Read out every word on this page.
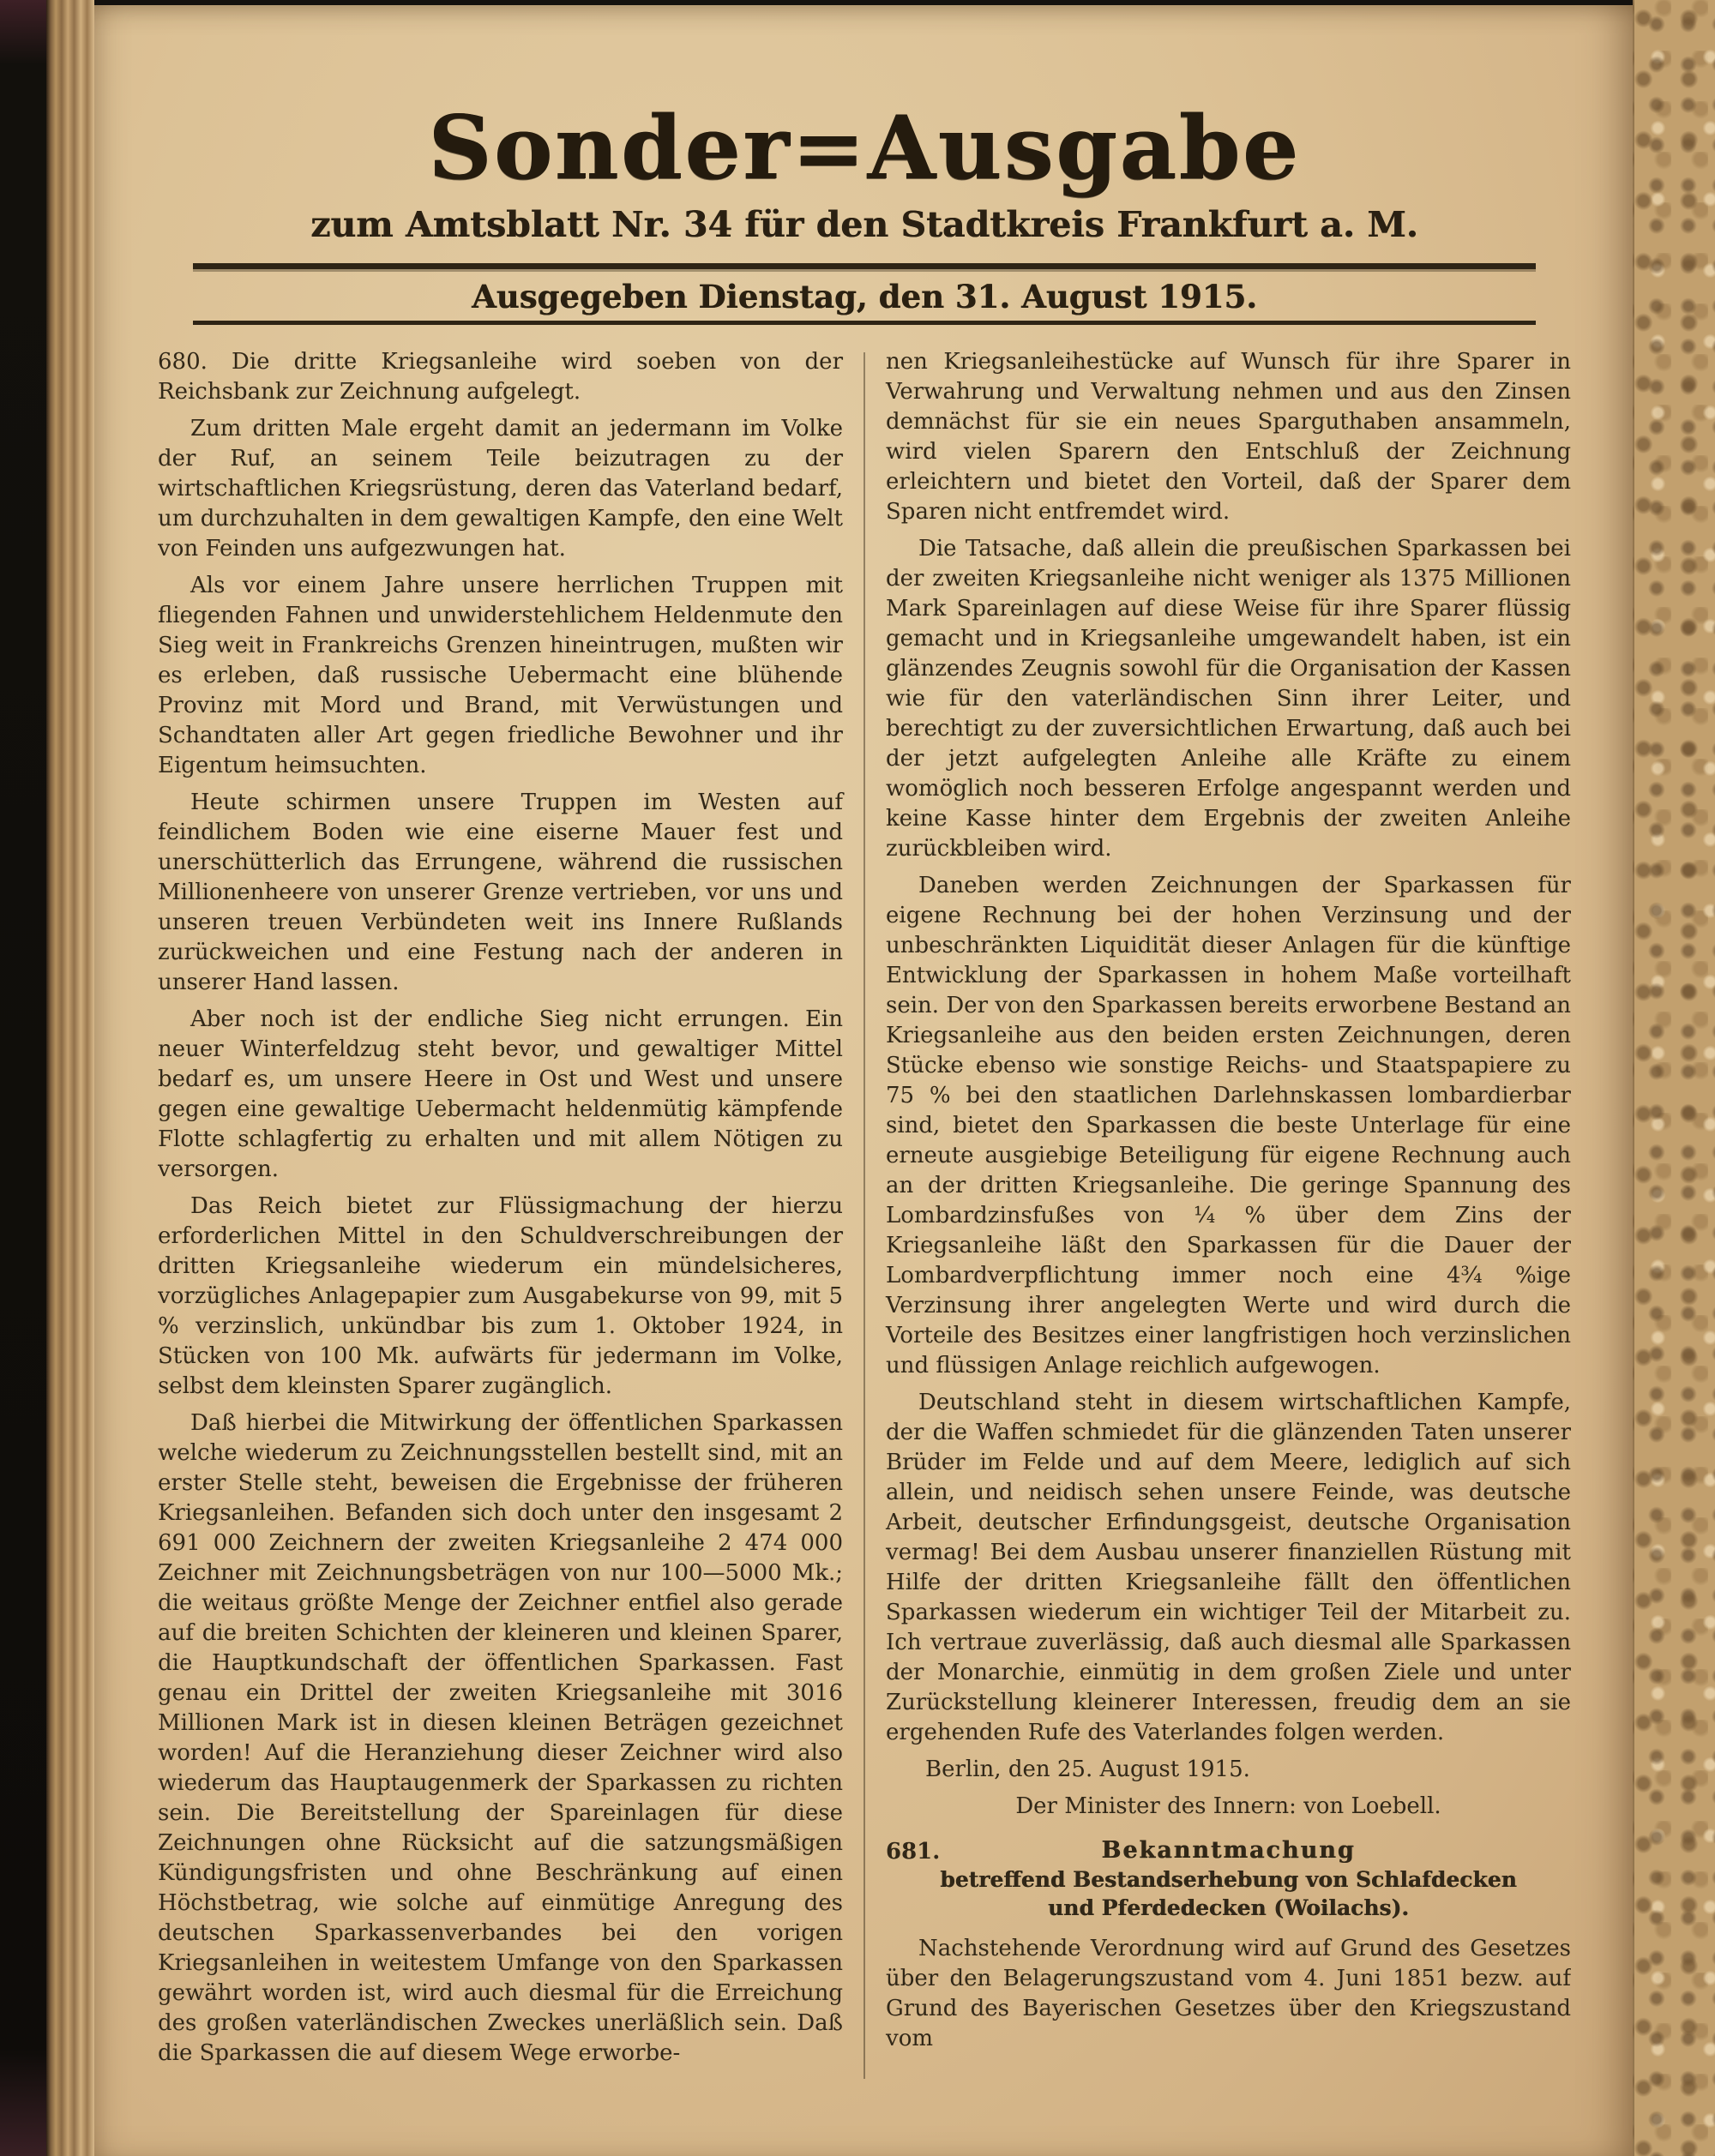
Sonder=Ausgabe
zum Amtsblatt Nr. 34 für den Stadtkreis Frankfurt a. M.
Ausgegeben Dienstag, den 31. August 1915.

680. Die dritte Kriegsanleihe wird soeben von der Reichsbank zur Zeichnung aufgelegt.

Zum dritten Male ergeht damit an jedermann im Volke der Ruf, an seinem Teile beizutragen zu der wirtschaftlichen Kriegsrüstung, deren das Vaterland bedarf, um durchzuhalten in dem gewaltigen Kampfe, den eine Welt von Feinden uns aufgezwungen hat.

Als vor einem Jahre unsere herrlichen Truppen mit fliegenden Fahnen und unwiderstehlichem Heldenmute den Sieg weit in Frankreichs Grenzen hineintrugen, mußten wir es erleben, daß russische Uebermacht eine blühende Provinz mit Mord und Brand, mit Verwüstungen und Schandtaten aller Art gegen friedliche Bewohner und ihr Eigentum heimsuchten.

Heute schirmen unsere Truppen im Westen auf feindlichem Boden wie eine eiserne Mauer fest und unerschütterlich das Errungene, während die russischen Millionenheere von unserer Grenze vertrieben, vor uns und unseren treuen Verbündeten weit ins Innere Rußlands zurückweichen und eine Festung nach der anderen in unserer Hand lassen.

Aber noch ist der endliche Sieg nicht errungen. Ein neuer Winterfeldzug steht bevor, und gewaltiger Mittel bedarf es, um unsere Heere in Ost und West und unsere gegen eine gewaltige Uebermacht heldenmütig kämpfende Flotte schlagfertig zu erhalten und mit allem Nötigen zu versorgen.

Das Reich bietet zur Flüssigmachung der hierzu erforderlichen Mittel in den Schuldverschreibungen der dritten Kriegsanleihe wiederum ein mündelsicheres, vorzügliches Anlagepapier zum Ausgabekurse von 99, mit 5 % verzinslich, unkündbar bis zum 1. Oktober 1924, in Stücken von 100 Mk. aufwärts für jedermann im Volke, selbst dem kleinsten Sparer zugänglich.

Daß hierbei die Mitwirkung der öffentlichen Sparkassen welche wiederum zu Zeichnungsstellen bestellt sind, mit an erster Stelle steht, beweisen die Ergebnisse der früheren Kriegsanleihen. Befanden sich doch unter den insgesamt 2 691 000 Zeichnern der zweiten Kriegsanleihe 2 474 000 Zeichner mit Zeichnungsbeträgen von nur 100—5000 Mk.; die weitaus größte Menge der Zeichner entfiel also gerade auf die breiten Schichten der kleineren und kleinen Sparer, die Hauptkundschaft der öffentlichen Sparkassen. Fast genau ein Drittel der zweiten Kriegsanleihe mit 3016 Millionen Mark ist in diesen kleinen Beträgen gezeichnet worden! Auf die Heranziehung dieser Zeichner wird also wiederum das Hauptaugenmerk der Sparkassen zu richten sein. Die Bereitstellung der Spareinlagen für diese Zeichnungen ohne Rücksicht auf die satzungsmäßigen Kündigungsfristen und ohne Beschränkung auf einen Höchstbetrag, wie solche auf einmütige Anregung des deutschen Sparkassenverbandes bei den vorigen Kriegsanleihen in weitestem Umfange von den Sparkassen gewährt worden ist, wird auch diesmal für die Erreichung des großen vaterländischen Zweckes unerläßlich sein. Daß die Sparkassen die auf diesem Wege erworbe-

nen Kriegsanleihestücke auf Wunsch für ihre Sparer in Verwahrung und Verwaltung nehmen und aus den Zinsen demnächst für sie ein neues Sparguthaben ansammeln, wird vielen Sparern den Entschluß der Zeichnung erleichtern und bietet den Vorteil, daß der Sparer dem Sparen nicht entfremdet wird.

Die Tatsache, daß allein die preußischen Sparkassen bei der zweiten Kriegsanleihe nicht weniger als 1375 Millionen Mark Spareinlagen auf diese Weise für ihre Sparer flüssig gemacht und in Kriegsanleihe umgewandelt haben, ist ein glänzendes Zeugnis sowohl für die Organisation der Kassen wie für den vaterländischen Sinn ihrer Leiter, und berechtigt zu der zuversichtlichen Erwartung, daß auch bei der jetzt aufgelegten Anleihe alle Kräfte zu einem womöglich noch besseren Erfolge angespannt werden und keine Kasse hinter dem Ergebnis der zweiten Anleihe zurückbleiben wird.

Daneben werden Zeichnungen der Sparkassen für eigene Rechnung bei der hohen Verzinsung und der unbeschränkten Liquidität dieser Anlagen für die künftige Entwicklung der Sparkassen in hohem Maße vorteilhaft sein. Der von den Sparkassen bereits erworbene Bestand an Kriegsanleihe aus den beiden ersten Zeichnungen, deren Stücke ebenso wie sonstige Reichs- und Staatspapiere zu 75 % bei den staatlichen Darlehnskassen lombardierbar sind, bietet den Sparkassen die beste Unterlage für eine erneute ausgiebige Beteiligung für eigene Rechnung auch an der dritten Kriegsanleihe. Die geringe Spannung des Lombardzinsfußes von ¼ % über dem Zins der Kriegsanleihe läßt den Sparkassen für die Dauer der Lombardverpflichtung immer noch eine 4¾ %ige Verzinsung ihrer angelegten Werte und wird durch die Vorteile des Besitzes einer langfristigen hoch verzinslichen und flüssigen Anlage reichlich aufgewogen.

Deutschland steht in diesem wirtschaftlichen Kampfe, der die Waffen schmiedet für die glänzenden Taten unserer Brüder im Felde und auf dem Meere, lediglich auf sich allein, und neidisch sehen unsere Feinde, was deutsche Arbeit, deutscher Erfindungsgeist, deutsche Organisation vermag! Bei dem Ausbau unserer finanziellen Rüstung mit Hilfe der dritten Kriegsanleihe fällt den öffentlichen Sparkassen wiederum ein wichtiger Teil der Mitarbeit zu. Ich vertraue zuverlässig, daß auch diesmal alle Sparkassen der Monarchie, einmütig in dem großen Ziele und unter Zurückstellung kleinerer Interessen, freudig dem an sie ergehenden Rufe des Vaterlandes folgen werden.

Berlin, den 25. August 1915.

Der Minister des Innern: von Loebell.

681.	Bekanntmachung
betreffend Bestandserhebung von Schlafdecken
und Pferdedecken (Woilachs).

Nachstehende Verordnung wird auf Grund des Gesetzes über den Belagerungszustand vom 4. Juni 1851 bezw. auf Grund des Bayerischen Gesetzes über den Kriegszustand vom
